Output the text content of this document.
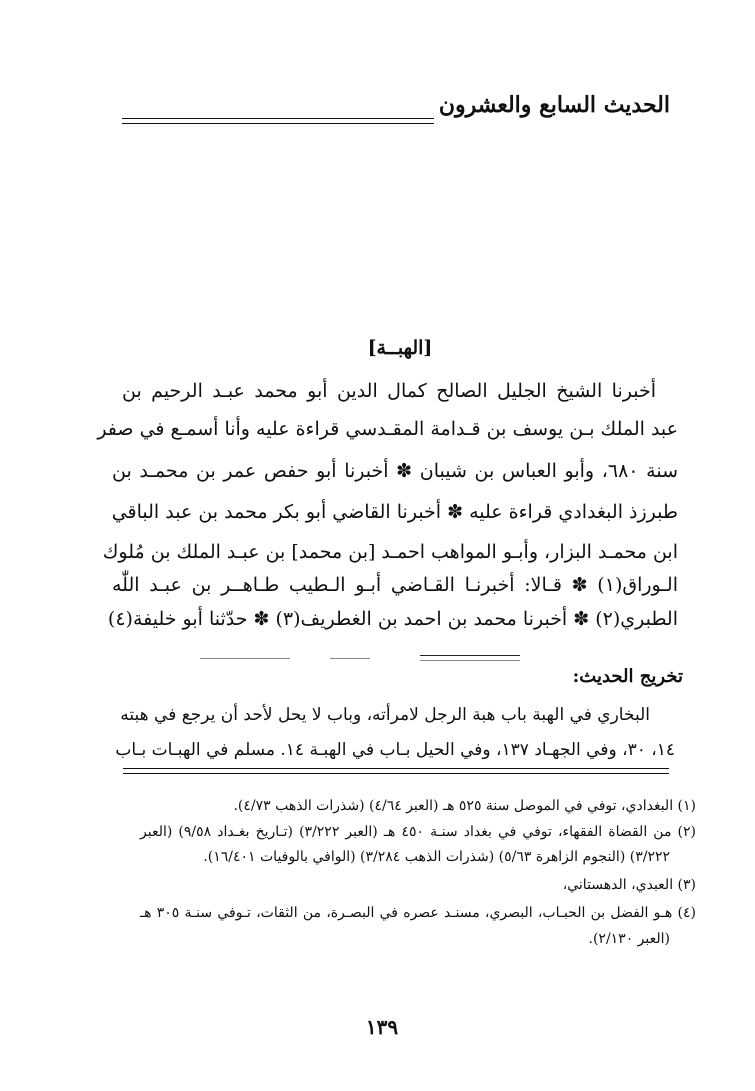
الحديث السابع والعشرون
[الهبــة]
أخبرنا الشيخ الجليل الصالح كمال الدين أبو محمد عبـد الرحيم بن
عبد الملك بـن يوسف بن قـدامة المقـدسي قراءة عليه وأنا أسمـع في صفر
سنة ٦٨٠، وأبو العباس بن شيبان ✽ أخبرنا أبو حفص عمر بن محمـد بن
طبرزذ البغدادي قراءة عليه ✽ أخبرنا القاضي أبو بكر محمد بن عبد الباقي
ابن محمـد البزار، وأبـو المواهب احمـد [بن محمد] بن عبـد الملك بن مُلوك
الـوراق(١) ✽ قـالا: أخبرنـا القـاضي أبـو الـطيب طـاهــر بن عبـد اللّٰه
الطبري(٢) ✽ أخبرنا محمد بن احمد بن الغطريف(٣) ✽ حدّثنا أبو خليفة(٤)
تخريج الحديث:
البخاري في الهبة باب هبة الرجل لامرأته، وباب لا يحل لأحد أن يرجع في هبته
١٤، ٣٠، وفي الجهـاد ١٣٧، وفي الحيل بـاب في الهبـة ١٤. مسلم في الهبـات بـاب
(١) البغدادي، توفي في الموصل سنة ٥٢٥ هـ (العبر ٤/٦٤) (شذرات الذهب ٤/٧٣).
(٢) من القضاة الفقهاء، توفي في بغداد سنـة ٤٥٠ هـ (العبر ٣/٢٢٢) (تـاريخ بغـداد ٩/٥٨) (العبر
٣/٢٢٢) (النجوم الزاهرة ٥/٦٣) (شذرات الذهب ٣/٢٨٤) (الوافي بالوفيات ١٦/٤٠١).
(٣) العبدي، الدهستاني،
(٤) هـو الفضل بن الحبـاب، البصري، مسنـد عصره في البصـرة، من الثقات، تـوفي سنـة ٣٠٥ هـ
(العبر ٢/١٣٠).
١٣٩
